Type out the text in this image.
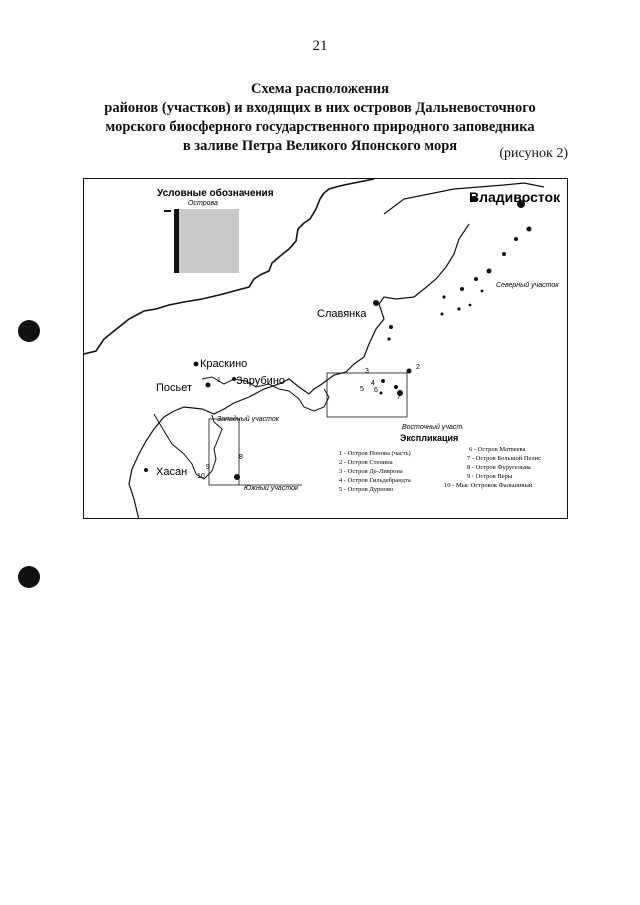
21
Схема расположения
районов (участков) и входящих в них островов Дальневосточного
морского биосферного государственного природного заповедника
в заливе Петра Великого Японского моря	(рисунок 2)
Условные обозначения
Острова	Владивосток
Славянка
Краскино
Посьет
Зарубино
Хасан
Северный участок
Западный участок
Восточный участ.
Южный участок
1
2
3
4
5 6
7
8
9
10
Экспликация
1 - Остров Попова (часть)
2 - Остров Стенина
3 - Остров Де-Ливрона
4 - Остров Гильдебрандта
5 - Остров Дурново
6 - Остров Матвеева
7 - Остров Большой Пелис
8 - Остров Фуругельма
9 - Остров Веры
10 - Мыс Островок Фальшивый
